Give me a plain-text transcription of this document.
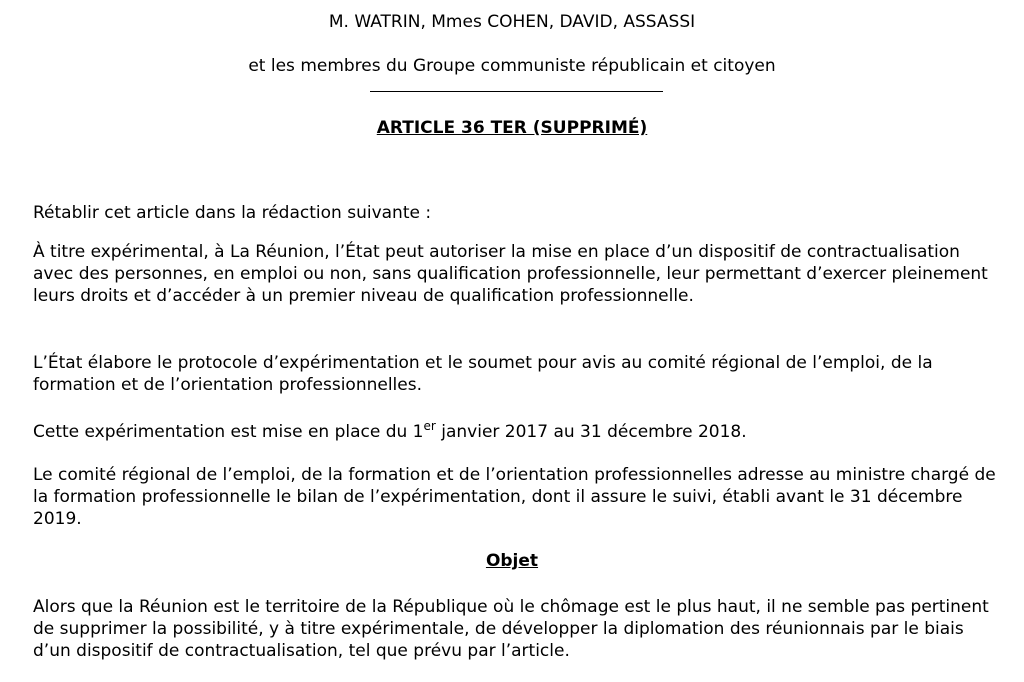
M. WATRIN, Mmes COHEN, DAVID, ASSASSI
et les membres du Groupe communiste républicain et citoyen
ARTICLE 36 TER (SUPPRIMÉ)

Rétablir cet article dans la rédaction suivante :

À titre expérimental, à La Réunion, l’État peut autoriser la mise en place d’un dispositif de contractualisation avec des personnes, en emploi ou non, sans qualification professionnelle, leur permettant d’exercer pleinement leurs droits et d’accéder à un premier niveau de qualification professionnelle.

L’État élabore le protocole d’expérimentation et le soumet pour avis au comité régional de l’emploi, de la formation et de l’orientation professionnelles.

Cette expérimentation est mise en place du 1er janvier 2017 au 31 décembre 2018.

Le comité régional de l’emploi, de la formation et de l’orientation professionnelles adresse au ministre chargé de la formation professionnelle le bilan de l’expérimentation, dont il assure le suivi, établi avant le 31 décembre 2019.

Objet

Alors que la Réunion est le territoire de la République où le chômage est le plus haut, il ne semble pas pertinent de supprimer la possibilité, y à titre expérimentale, de développer la diplomation des réunionnais par le biais d’un dispositif de contractualisation, tel que prévu par l’article.
